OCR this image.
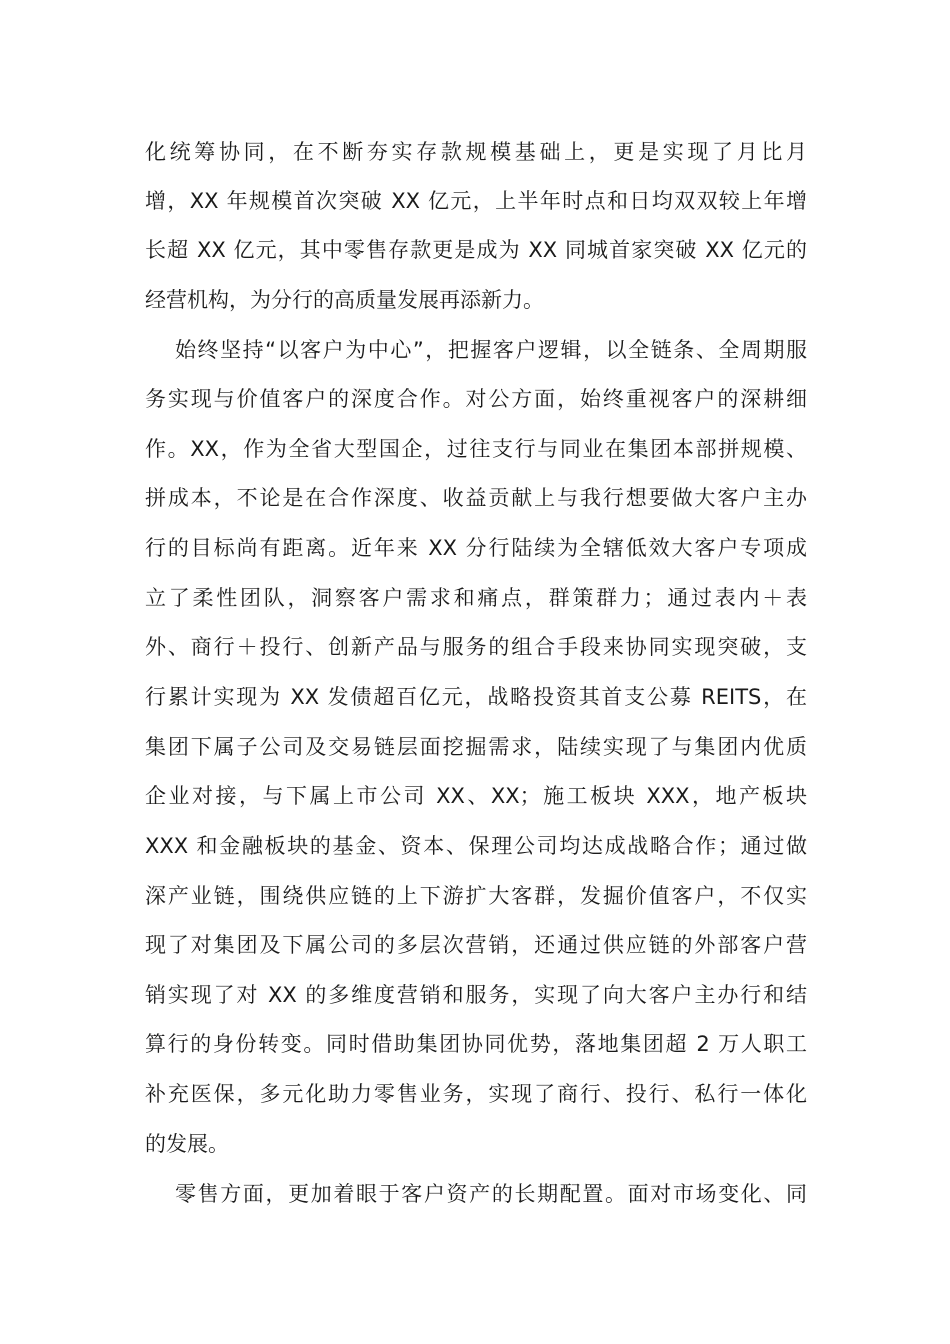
化统筹协同，在不断夯实存款规模基础上，更是实现了月比月
增，XX 年规模首次突破 XX 亿元，上半年时点和日均双双较上年增
长超 XX 亿元，其中零售存款更是成为 XX 同城首家突破 XX 亿元的
经营机构，为分行的高质量发展再添新力。
始终坚持“以客户为中心”，把握客户逻辑，以全链条、全周期服
务实现与价值客户的深度合作。对公方面，始终重视客户的深耕细
作。XX，作为全省大型国企，过往支行与同业在集团本部拼规模、
拼成本，不论是在合作深度、收益贡献上与我行想要做大客户主办
行的目标尚有距离。近年来 XX 分行陆续为全辖低效大客户专项成
立了柔性团队，洞察客户需求和痛点，群策群力；通过表内＋表
外、商行＋投行、创新产品与服务的组合手段来协同实现突破，支
行累计实现为 XX 发债超百亿元，战略投资其首支公募 REITS，在
集团下属子公司及交易链层面挖掘需求，陆续实现了与集团内优质
企业对接，与下属上市公司 XX、XX；施工板块 XXX，地产板块
XXX 和金融板块的基金、资本、保理公司均达成战略合作；通过做
深产业链，围绕供应链的上下游扩大客群，发掘价值客户，不仅实
现了对集团及下属公司的多层次营销，还通过供应链的外部客户营
销实现了对 XX 的多维度营销和服务，实现了向大客户主办行和结
算行的身份转变。同时借助集团协同优势，落地集团超 2 万人职工
补充医保，多元化助力零售业务，实现了商行、投行、私行一体化
的发展。
零售方面，更加着眼于客户资产的长期配置。面对市场变化、同
